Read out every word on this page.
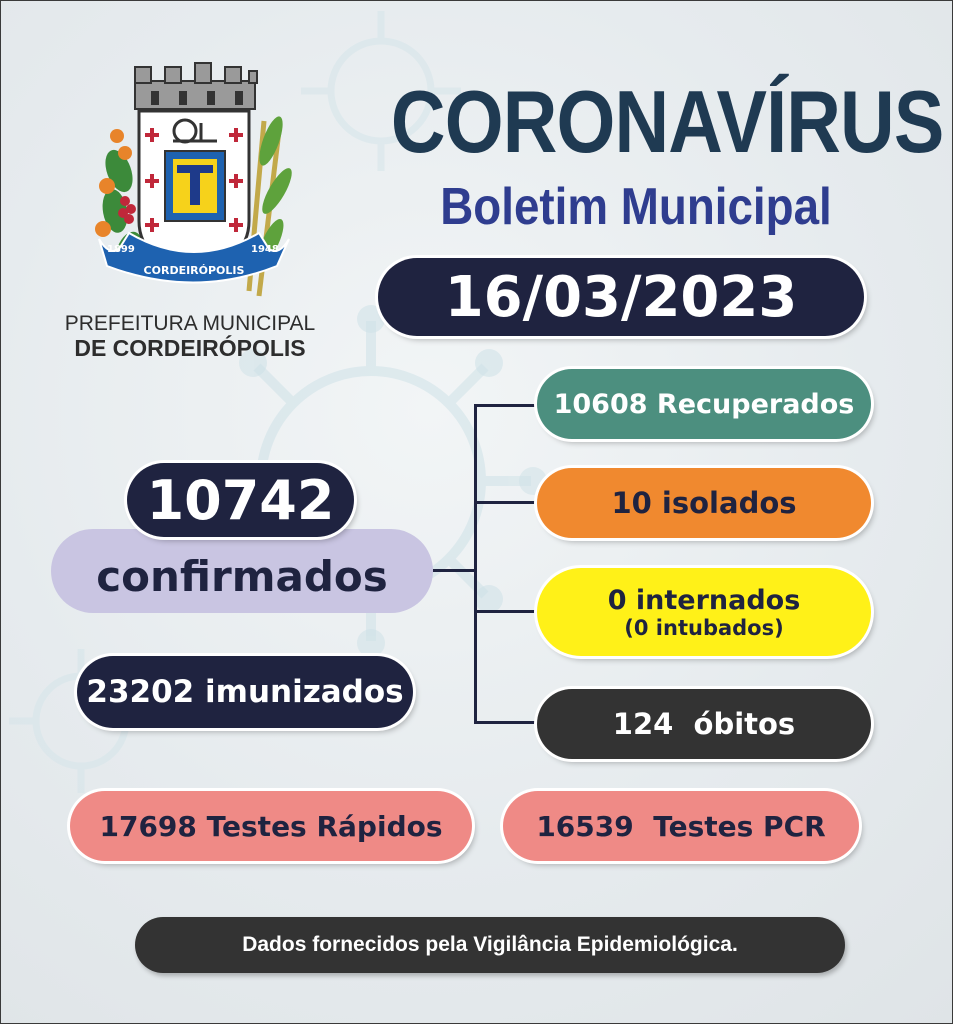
1899	1948
CORDEIRÓPOLIS
PREFEITURA MUNICIPAL
DE CORDEIRÓPOLIS
CORONAVÍRUS
Boletim Municipal
16/03/2023
confirmados
10742
23202 imunizados
10608 Recuperados
10 isolados
0 internados
(0 intubados)
124  óbitos
17698 Testes Rápidos	16539  Testes PCR
Dados fornecidos pela Vigilância Epidemiológica.
